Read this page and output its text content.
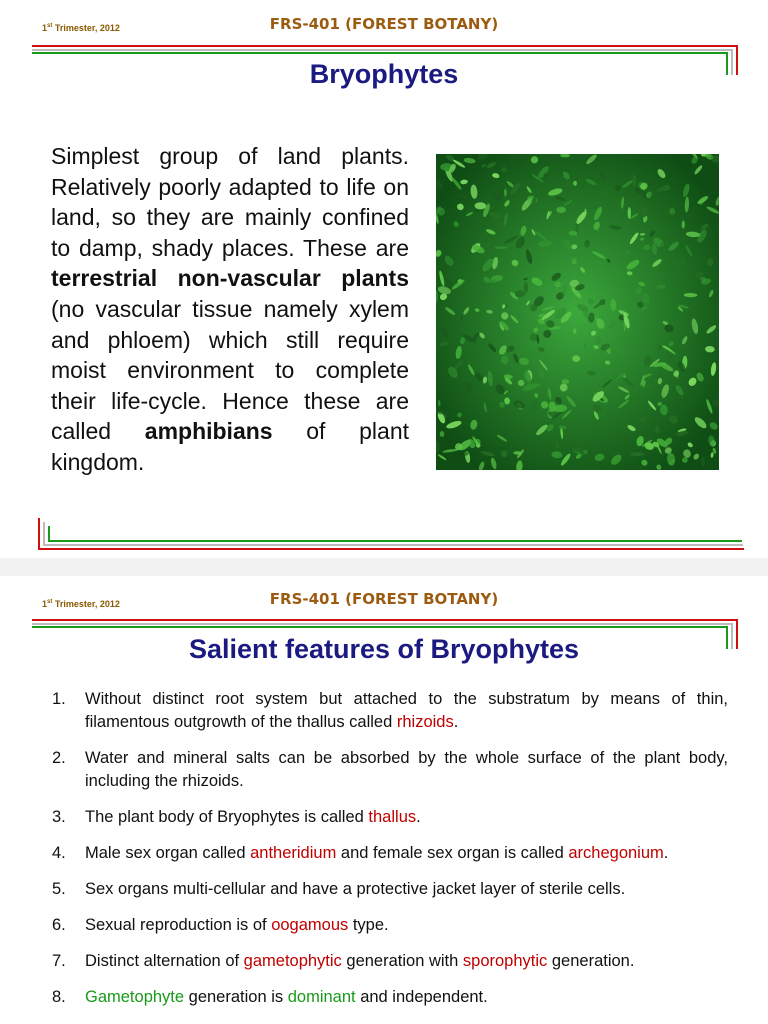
1st Trimester, 2012	FRS-401 (FOREST BOTANY)
Bryophytes
Simplest group of land plants. Relatively poorly adapted to life on land, so they are mainly confined to damp, shady places. These are terrestrial non-vascular plants (no vascular tissue namely xylem and phloem) which still require moist environment to complete their life-cycle. Hence these are called amphibians of plant kingdom.
1st Trimester, 2012	FRS-401 (FOREST BOTANY)
Salient features of Bryophytes
1. Without distinct root system but attached to the substratum by means of thin, filamentous outgrowth of the thallus called rhizoids.
2. Water and mineral salts can be absorbed by the whole surface of the plant body, including the rhizoids.
3. The plant body of Bryophytes is called thallus.
4. Male sex organ called antheridium and female sex organ is called archegonium.
5. Sex organs multi-cellular and have a protective jacket layer of sterile cells.
6. Sexual reproduction is of oogamous type.
7. Distinct alternation of gametophytic generation with sporophytic generation.
8. Gametophyte generation is dominant and independent.
